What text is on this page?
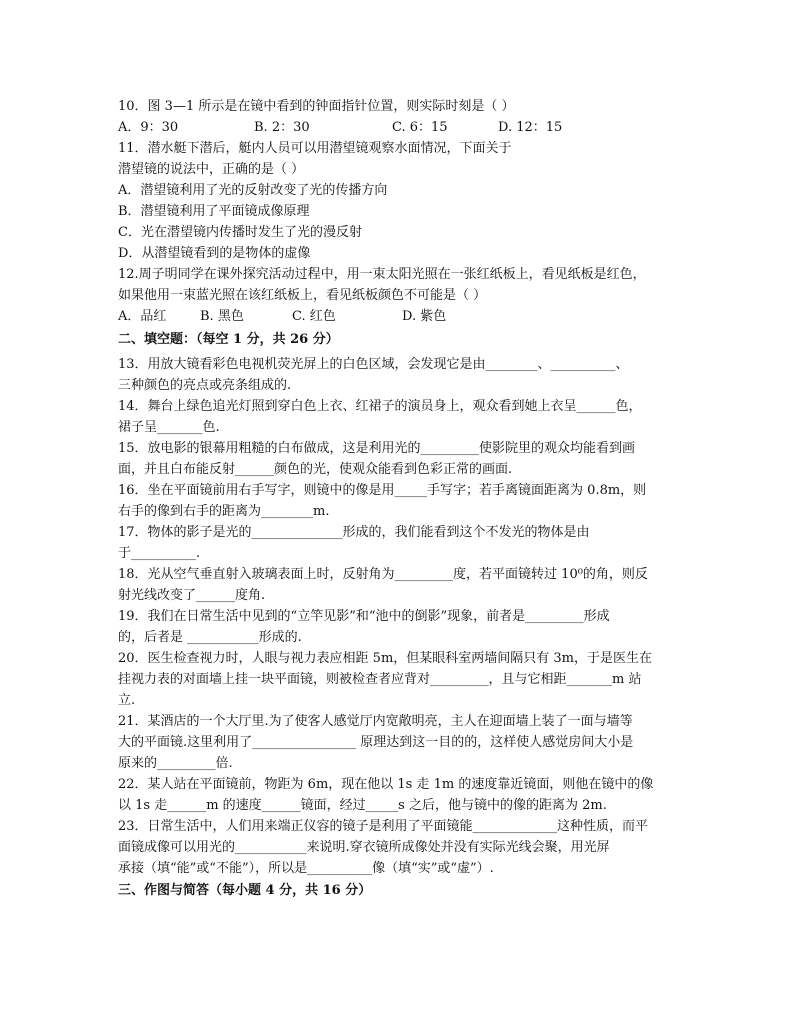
10．图 3—1 所示是在镜中看到的钟面指针位置，则实际时刻是（ ）
A．9：30	B. 2：30	C. 6：15	D. 12：15
11．潜水艇下潜后，艇内人员可以用潜望镜观察水面情况，下面关于
潜望镜的说法中，正确的是（ ）
A．潜望镜利用了光的反射改变了光的传播方向
B．潜望镜利用了平面镜成像原理
C．光在潜望镜内传播时发生了光的漫反射
D．从潜望镜看到的是物体的虚像
12.周子明同学在课外探究活动过程中，用一束太阳光照在一张红纸板上，看见纸板是红色，
如果他用一束蓝光照在该红纸板上，看见纸板颜色不可能是（ ）
A．品红	B. 黑色	C. 红色	D. 紫色
二、填空题：（每空 1 分，共 26 分）
13．用放大镜看彩色电视机荧光屏上的白色区域，会发现它是由________、__________、
三种颜色的亮点或亮条组成的.
14．舞台上绿色追光灯照到穿白色上衣、红裙子的演员身上，观众看到她上衣呈______色，
裙子呈_______色.
15．放电影的银幕用粗糙的白布做成，这是利用光的_________使影院里的观众均能看到画
面，并且白布能反射______颜色的光，使观众能看到色彩正常的画面.
16．坐在平面镜前用右手写字，则镜中的像是用_____手写字；若手离镜面距离为 0.8m，则
右手的像到右手的距离为________m.
17．物体的影子是光的______________形成的，我们能看到这个不发光的物体是由
于__________.
18．光从空气垂直射入玻璃表面上时，反射角为_________度，若平面镜转过 10⁰的角，则反
射光线改变了______度角.
19．我们在日常生活中见到的“立竿见影”和“池中的倒影”现象，前者是_________形成
的，后者是 ___________形成的.
20．医生检查视力时，人眼与视力表应相距 5m，但某眼科室两墙间隔只有 3m，于是医生在
挂视力表的对面墙上挂一块平面镜，则被检查者应背对_________，且与它相距_______m 站
立.
21．某酒店的一个大厅里.为了使客人感觉厅内宽敞明亮，主人在迎面墙上装了一面与墙等
大的平面镜.这里利用了________________ 原理达到这一目的的，这样使人感觉房间大小是
原来的_________倍.
22．某人站在平面镜前，物距为 6m，现在他以 1s 走 1m 的速度靠近镜面，则他在镜中的像
以 1s 走______m 的速度______镜面，经过_____s 之后，他与镜中的像的距离为 2m.
23．日常生活中，人们用来端正仪容的镜子是利用了平面镜能_____________这种性质，而平
面镜成像可以用光的___________来说明.穿衣镜所成像处并没有实际光线会聚，用光屏
承接（填“能”或“不能”），所以是__________像（填“实”或“虚”）.
三、作图与简答（每小题 4 分，共 16 分）
